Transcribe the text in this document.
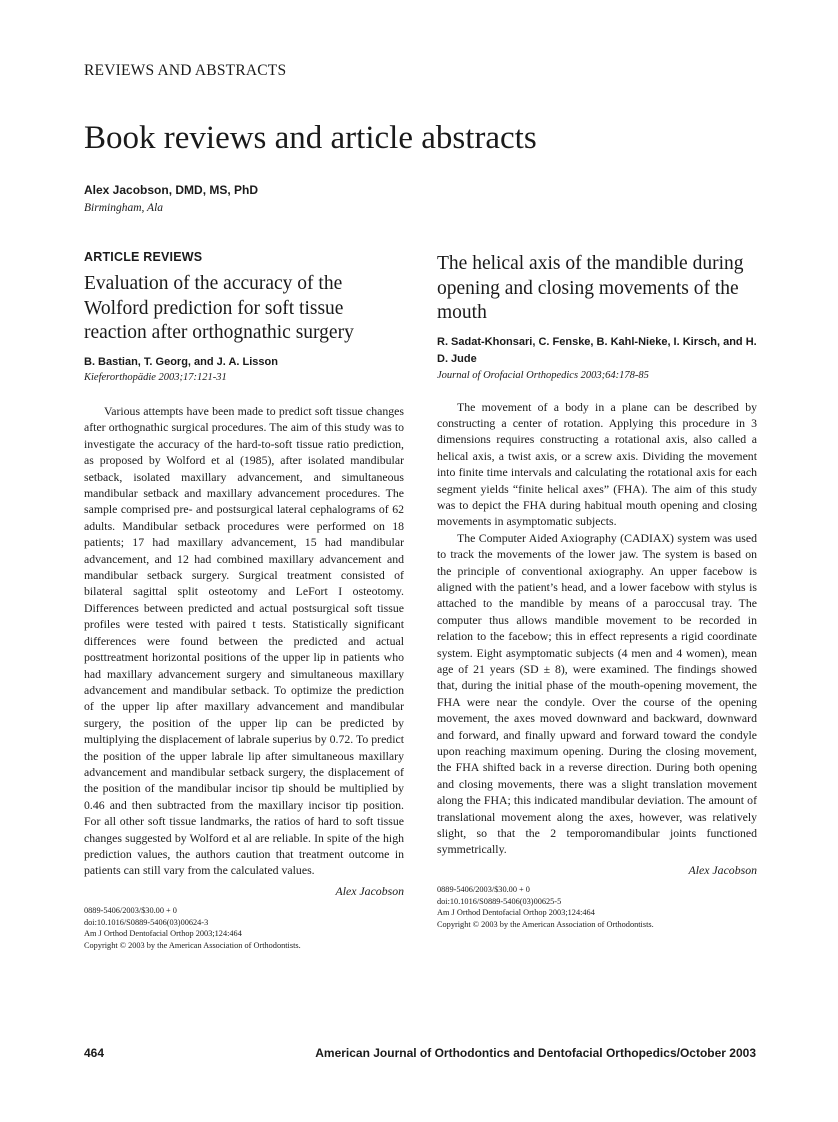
REVIEWS AND ABSTRACTS
Book reviews and article abstracts
Alex Jacobson, DMD, MS, PhD
Birmingham, Ala
ARTICLE REVIEWS
Evaluation of the accuracy of the Wolford prediction for soft tissue reaction after orthognathic surgery
B. Bastian, T. Georg, and J. A. Lisson
Kieferorthopädie 2003;17:121-31

Various attempts have been made to predict soft tissue changes after orthognathic surgical procedures. The aim of this study was to investigate the accuracy of the hard-to-soft tissue ratio prediction, as proposed by Wolford et al (1985), after isolated mandibular setback, isolated maxillary advancement, and simultaneous mandibular setback and maxillary advancement procedures. The sample comprised pre- and postsurgical lateral cephalograms of 62 adults. Mandibular setback procedures were performed on 18 patients; 17 had maxillary advancement, 15 had mandibular advancement, and 12 had combined maxillary advancement and mandibular setback surgery. Surgical treatment consisted of bilateral sagittal split osteotomy and LeFort I osteotomy. Differences between predicted and actual postsurgical soft tissue profiles were tested with paired t tests. Statistically significant differences were found between the predicted and actual posttreatment horizontal positions of the upper lip in patients who had maxillary advancement surgery and simultaneous maxillary advancement and mandibular setback. To optimize the prediction of the upper lip after maxillary advancement and mandibular surgery, the position of the upper lip can be predicted by multiplying the displacement of labrale superius by 0.72. To predict the position of the upper labrale lip after simultaneous maxillary advancement and mandibular setback surgery, the displacement of the position of the mandibular incisor tip should be multiplied by 0.46 and then subtracted from the maxillary incisor tip position. For all other soft tissue landmarks, the ratios of hard to soft tissue changes suggested by Wolford et al are reliable. In spite of the high prediction values, the authors caution that treatment outcome in patients can still vary from the calculated values.

Alex Jacobson
0889-5406/2003/$30.00 + 0
doi:10.1016/S0889-5406(03)00624-3
Am J Orthod Dentofacial Orthop 2003;124:464
Copyright © 2003 by the American Association of Orthodontists.
The helical axis of the mandible during opening and closing movements of the mouth
R. Sadat-Khonsari, C. Fenske, B. Kahl-Nieke, I. Kirsch, and H. D. Jude
Journal of Orofacial Orthopedics 2003;64:178-85

The movement of a body in a plane can be described by constructing a center of rotation. Applying this procedure in 3 dimensions requires constructing a rotational axis, also called a helical axis, a twist axis, or a screw axis. Dividing the movement into finite time intervals and calculating the rotational axis for each segment yields “finite helical axes” (FHA). The aim of this study was to depict the FHA during habitual mouth opening and closing movements in asymptomatic subjects.

The Computer Aided Axiography (CADIAX) system was used to track the movements of the lower jaw. The system is based on the principle of conventional axiography. An upper facebow is aligned with the patient’s head, and a lower facebow with stylus is attached to the mandible by means of a paroccusal tray. The computer thus allows mandible movement to be recorded in relation to the facebow; this in effect represents a rigid coordinate system. Eight asymptomatic subjects (4 men and 4 women), mean age of 21 years (SD ± 8), were examined. The findings showed that, during the initial phase of the mouth-opening movement, the FHA were near the condyle. Over the course of the opening movement, the axes moved downward and backward, downward and forward, and finally upward and forward toward the condyle upon reaching maximum opening. During the closing movement, the FHA shifted back in a reverse direction. During both opening and closing movements, there was a slight translation movement along the FHA; this indicated mandibular deviation. The amount of translational movement along the axes, however, was relatively slight, so that the 2 temporomandibular joints functioned symmetrically.

Alex Jacobson
0889-5406/2003/$30.00 + 0
doi:10.1016/S0889-5406(03)00625-5
Am J Orthod Dentofacial Orthop 2003;124:464
Copyright © 2003 by the American Association of Orthodontists.
464	American Journal of Orthodontics and Dentofacial Orthopedics/October 2003
